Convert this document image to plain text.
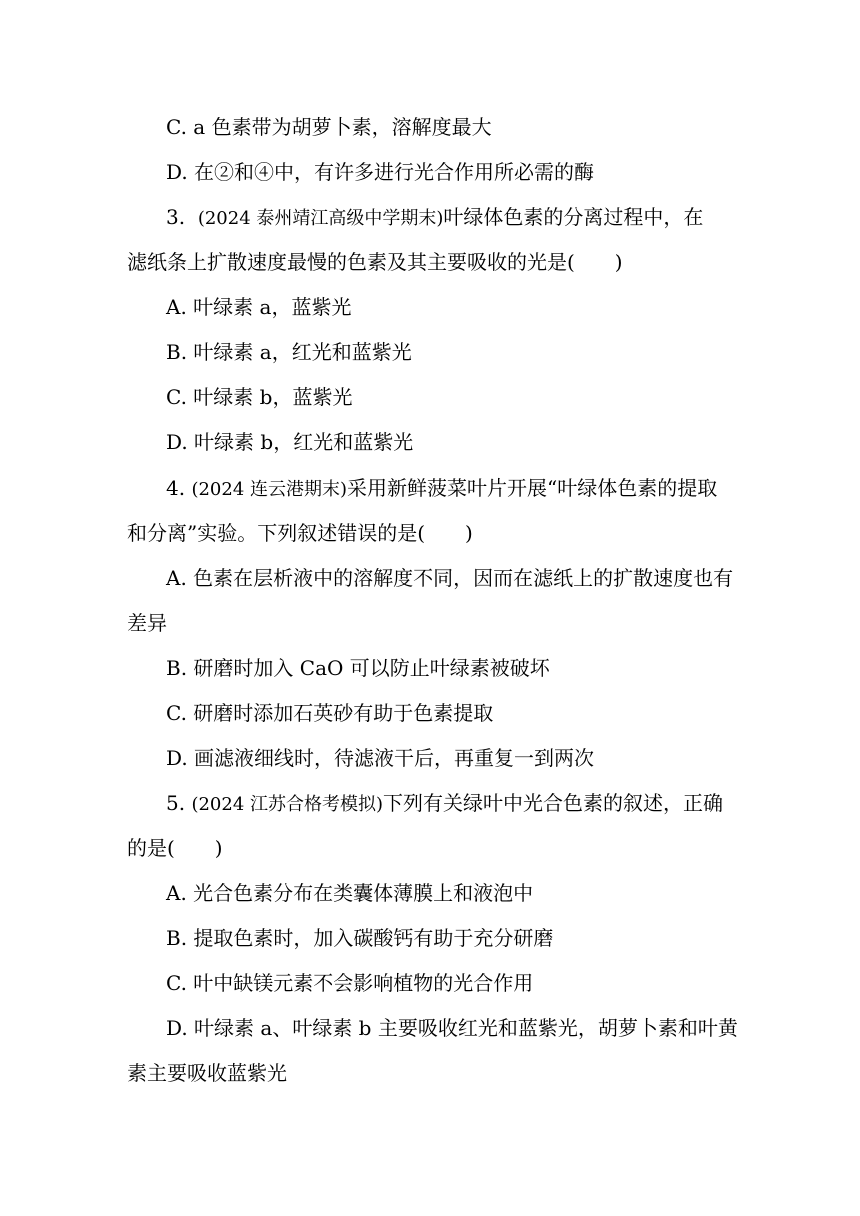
C. a 色素带为胡萝卜素，溶解度最大
D. 在②和④中，有许多进行光合作用所必需的酶
3. (2024 泰州靖江高级中学期末)叶绿体色素的分离过程中，在
滤纸条上扩散速度最慢的色素及其主要吸收的光是(　　)
A. 叶绿素 a，蓝紫光
B. 叶绿素 a，红光和蓝紫光
C. 叶绿素 b，蓝紫光
D. 叶绿素 b，红光和蓝紫光
4. (2024 连云港期末)采用新鲜菠菜叶片开展“叶绿体色素的提取
和分离”实验。下列叙述错误的是(　　)
A. 色素在层析液中的溶解度不同，因而在滤纸上的扩散速度也有
差异
B. 研磨时加入 CaO 可以防止叶绿素被破坏
C. 研磨时添加石英砂有助于色素提取
D. 画滤液细线时，待滤液干后，再重复一到两次
5. (2024 江苏合格考模拟)下列有关绿叶中光合色素的叙述，正确
的是(　　)
A. 光合色素分布在类囊体薄膜上和液泡中
B. 提取色素时，加入碳酸钙有助于充分研磨
C. 叶中缺镁元素不会影响植物的光合作用
D. 叶绿素 a、叶绿素 b 主要吸收红光和蓝紫光，胡萝卜素和叶黄
素主要吸收蓝紫光
